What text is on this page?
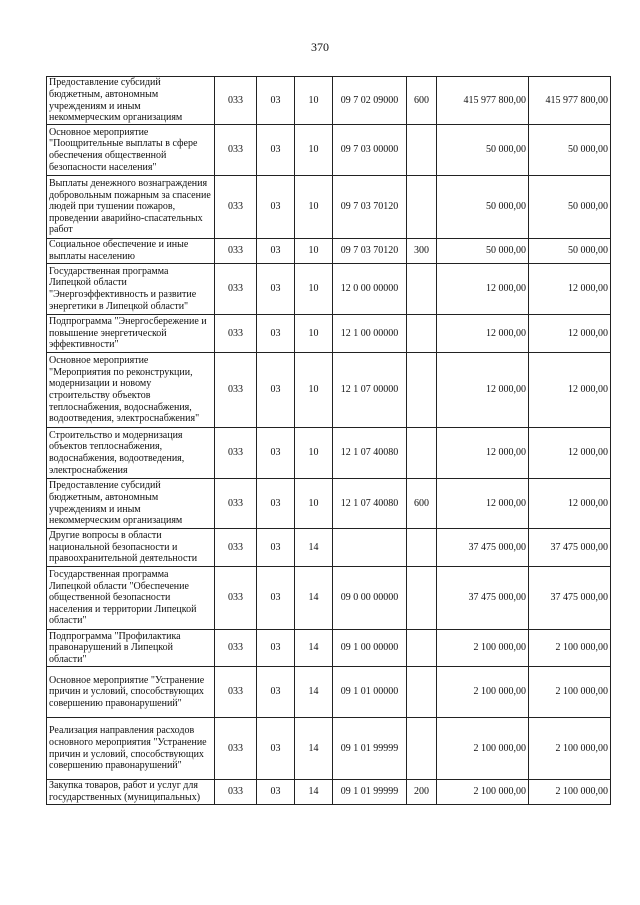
370
Предоставление субсидий бюджетным, автономным учреждениям и иным некоммерческим организациям	033	03	10	09 7 02 09000	600	415 977 800,00	415 977 800,00
Основное мероприятие "Поощрительные выплаты в сфере обеспечения общественной безопасности населения"	033	03	10	09 7 03 00000		50 000,00	50 000,00
Выплаты денежного вознаграждения добровольным пожарным за спасение людей при тушении пожаров, проведении аварийно-спасательных работ	033	03	10	09 7 03 70120		50 000,00	50 000,00
Социальное обеспечение и иные выплаты населению	033	03	10	09 7 03 70120	300	50 000,00	50 000,00
Государственная программа Липецкой области "Энергоэффективность и развитие энергетики в Липецкой области"	033	03	10	12 0 00 00000		12 000,00	12 000,00
Подпрограмма "Энергосбережение и повышение энергетической эффективности"	033	03	10	12 1 00 00000		12 000,00	12 000,00
Основное мероприятие "Мероприятия по реконструкции, модернизации и новому строительству объектов теплоснабжения, водоснабжения, водоотведения, электроснабжения"	033	03	10	12 1 07 00000		12 000,00	12 000,00
Строительство и модернизация объектов теплоснабжения, водоснабжения, водоотведения, электроснабжения	033	03	10	12 1 07 40080		12 000,00	12 000,00
Предоставление субсидий бюджетным, автономным учреждениям и иным некоммерческим организациям	033	03	10	12 1 07 40080	600	12 000,00	12 000,00
Другие вопросы в области национальной безопасности и правоохранительной деятельности	033	03	14			37 475 000,00	37 475 000,00
Государственная программа Липецкой области "Обеспечение общественной безопасности населения и территории Липецкой области"	033	03	14	09 0 00 00000		37 475 000,00	37 475 000,00
Подпрограмма "Профилактика правонарушений в Липецкой области"	033	03	14	09 1 00 00000		2 100 000,00	2 100 000,00
Основное мероприятие "Устранение причин и условий, способствующих совершению правонарушений"	033	03	14	09 1 01 00000		2 100 000,00	2 100 000,00
Реализация направления расходов основного мероприятия "Устранение причин и условий, способствующих совершению правонарушений"	033	03	14	09 1 01 99999		2 100 000,00	2 100 000,00
Закупка товаров, работ и услуг для государственных (муниципальных)	033	03	14	09 1 01 99999	200	2 100 000,00	2 100 000,00
